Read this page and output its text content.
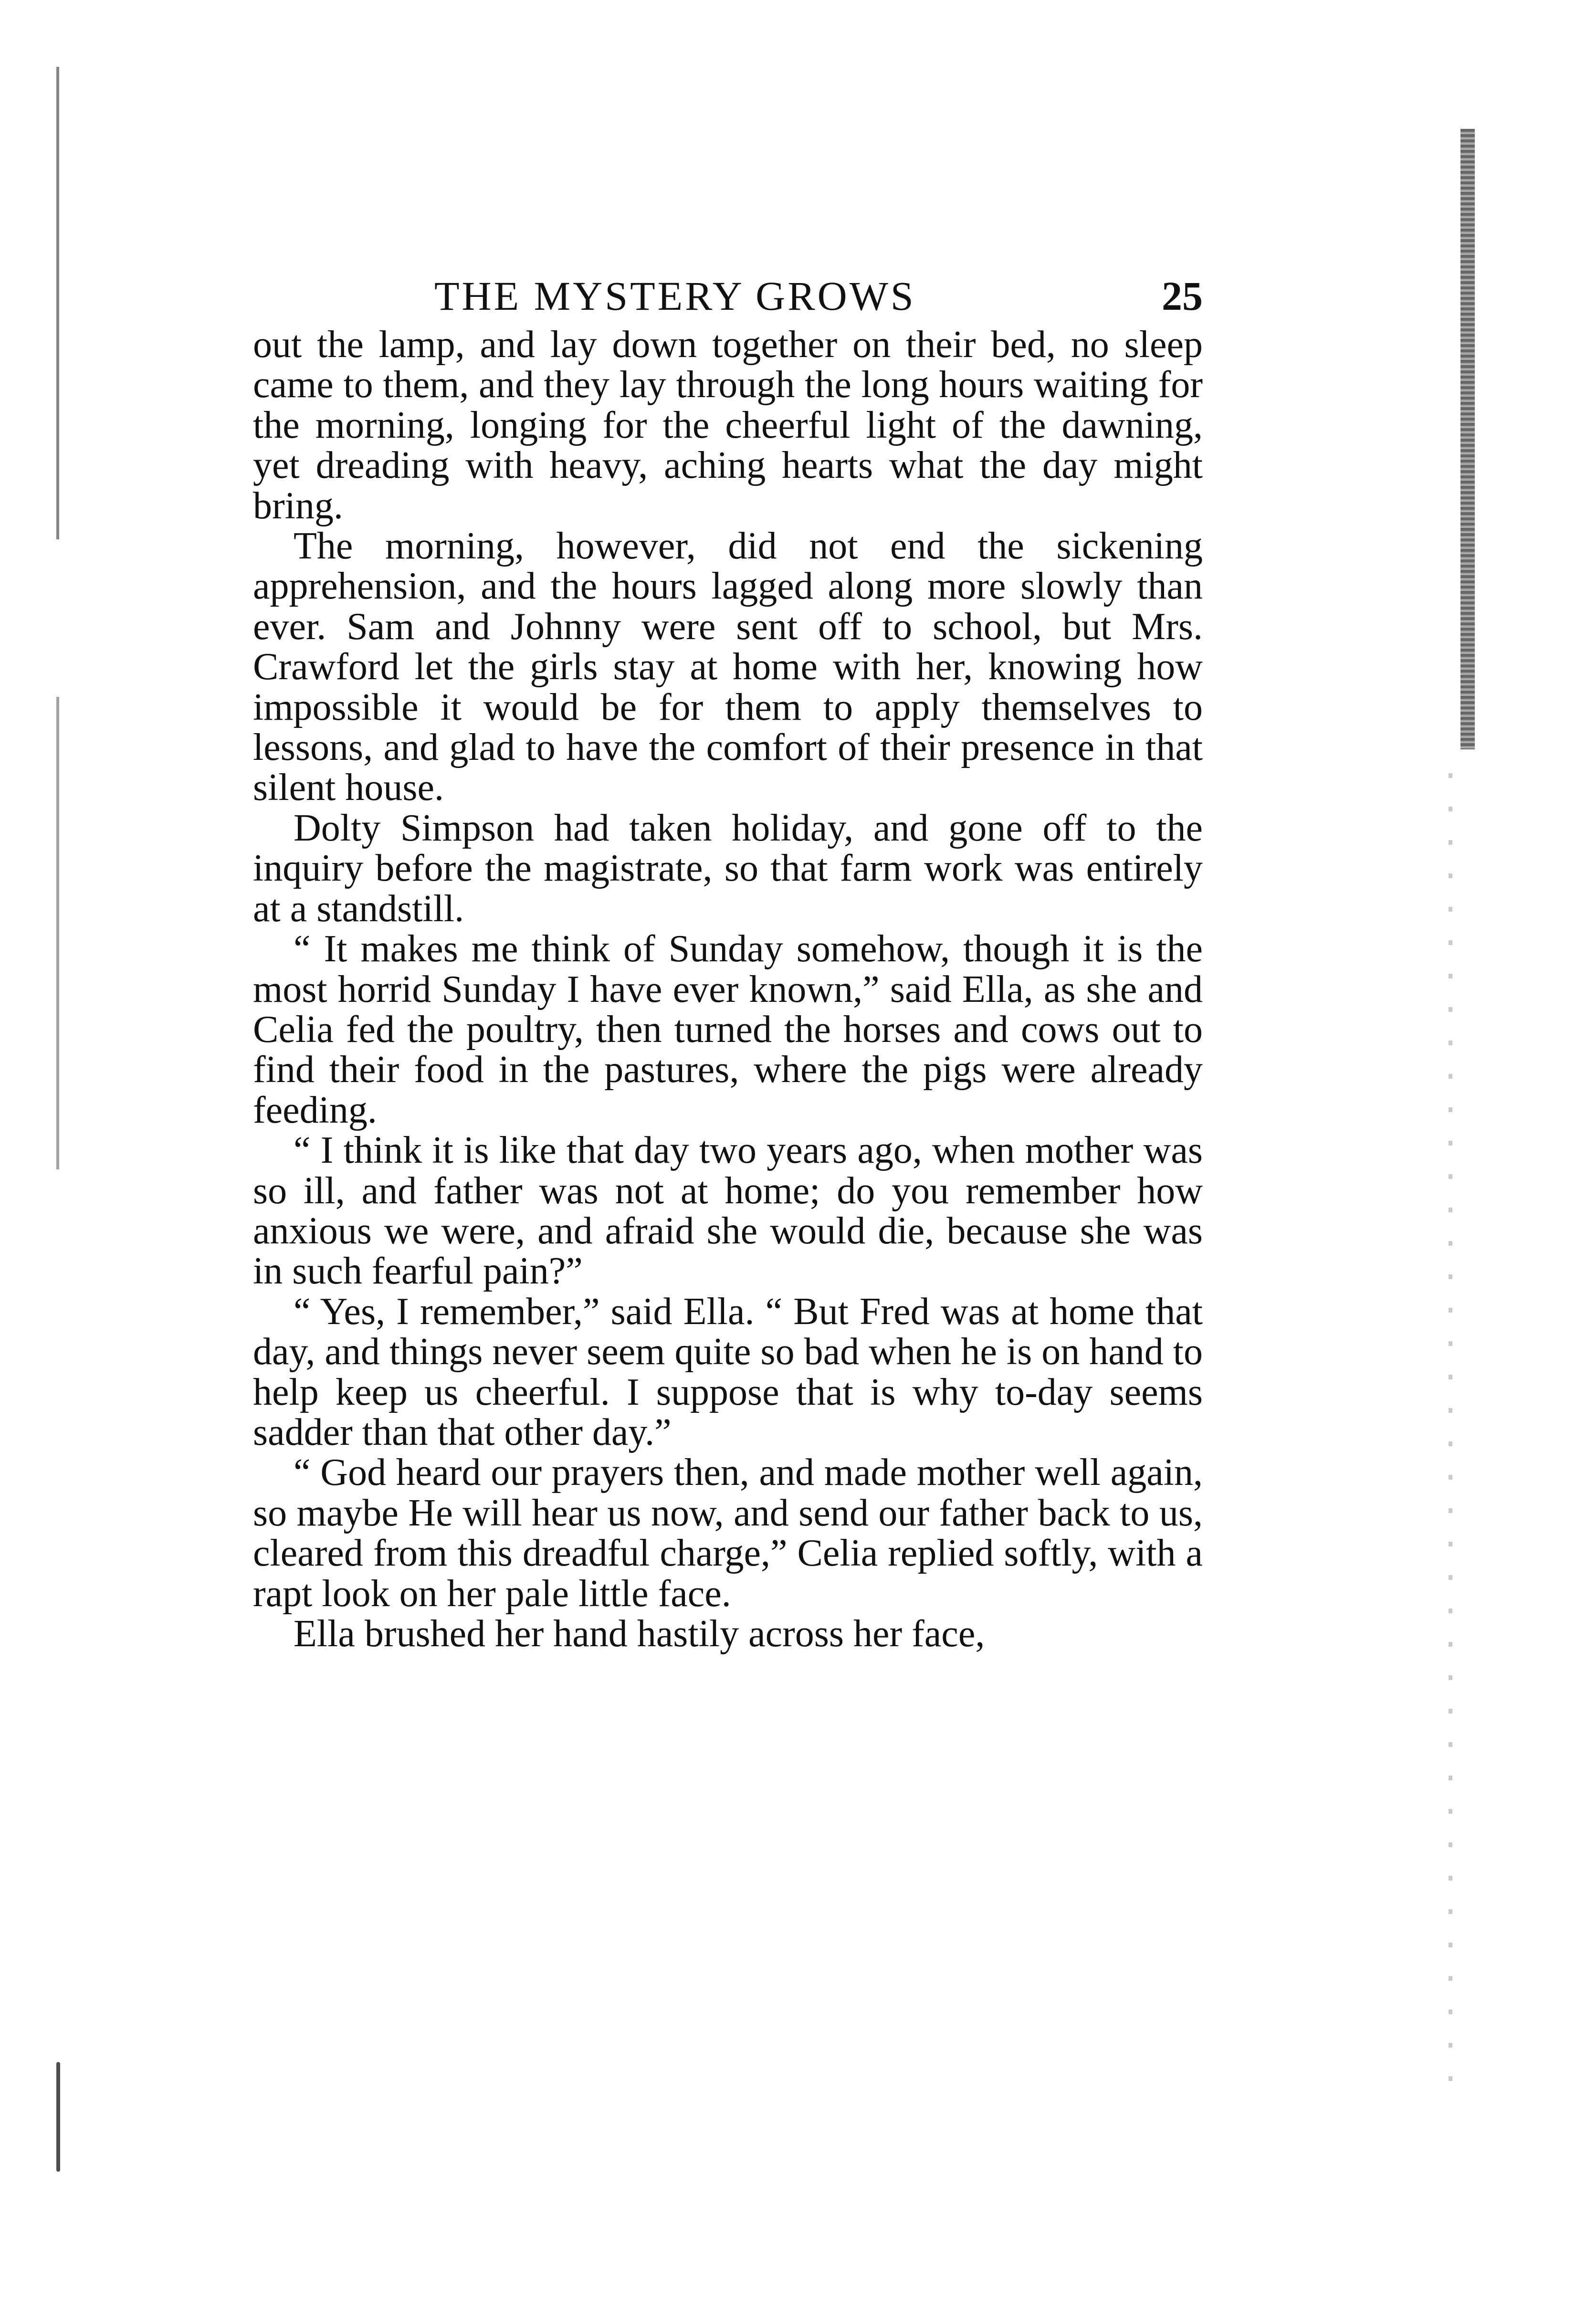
THE MYSTERY GROWS	25

out the lamp, and lay down together on their bed, no sleep came to them, and they lay through the long hours waiting for the morning, longing for the cheerful light of the dawning, yet dreading with heavy, aching hearts what the day might bring.

The morning, however, did not end the sickening apprehension, and the hours lagged along more slowly than ever. Sam and Johnny were sent off to school, but Mrs. Crawford let the girls stay at home with her, knowing how impossible it would be for them to apply themselves to lessons, and glad to have the comfort of their presence in that silent house.

Dolty Simpson had taken holiday, and gone off to the inquiry before the magistrate, so that farm work was entirely at a standstill.

“ It makes me think of Sunday somehow, though it is the most horrid Sunday I have ever known,” said Ella, as she and Celia fed the poultry, then turned the horses and cows out to find their food in the pastures, where the pigs were already feeding.

“ I think it is like that day two years ago, when mother was so ill, and father was not at home; do you remember how anxious we were, and afraid she would die, because she was in such fearful pain?”

“ Yes, I remember,” said Ella. “ But Fred was at home that day, and things never seem quite so bad when he is on hand to help keep us cheerful. I suppose that is why to-day seems sadder than that other day.”

“ God heard our prayers then, and made mother well again, so maybe He will hear us now, and send our father back to us, cleared from this dreadful charge,” Celia replied softly, with a rapt look on her pale little face.

Ella brushed her hand hastily across her face,
